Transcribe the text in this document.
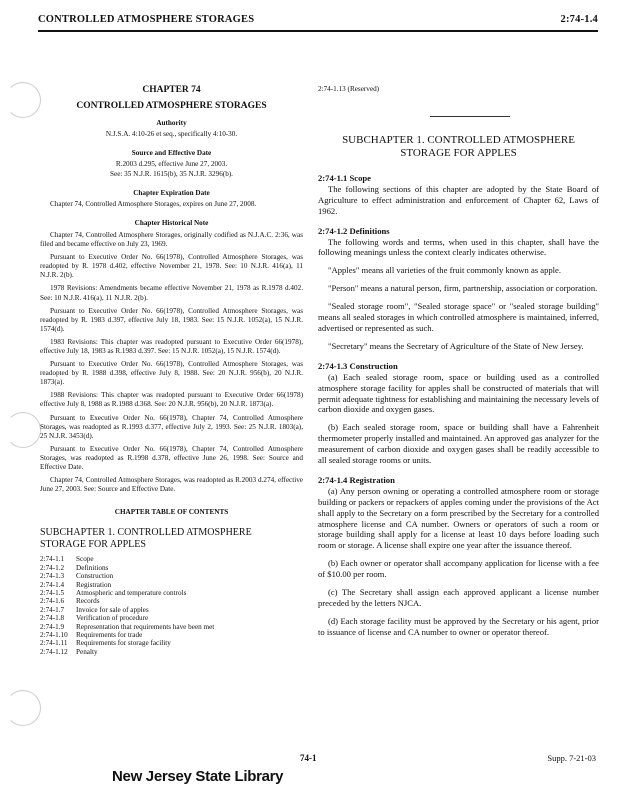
CONTROLLED ATMOSPHERE STORAGES	2:74-1.4
CHAPTER 74
CONTROLLED ATMOSPHERE STORAGES
Authority
N.J.S.A. 4:10-26 et seq., specifically 4:10-30.
Source and Effective Date
R.2003 d.295, effective June 27, 2003.
See: 35 N.J.R. 1615(b), 35 N.J.R. 3296(b).
Chapter Expiration Date
Chapter 74, Controlled Atmosphere Storages, expires on June 27, 2008.
Chapter Historical Note
Chapter 74, Controlled Atmosphere Storages, originally codified as N.J.A.C. 2:36, was filed and became effective on July 23, 1969.
Pursuant to Executive Order No. 66(1978), Controlled Atmosphere Storages, was readopted by R. 1978 d.402, effective November 21, 1978. See: 10 N.J.R. 416(a), 11 N.J.R. 2(b).
1978 Revisions: Amendments became effective November 21, 1978 as R.1978 d.402. See: 10 N.J.R. 416(a), 11 N.J.R. 2(b).
Pursuant to Executive Order No. 66(1978), Controlled Atmosphere Storages, was readopted by R. 1983 d.397, effective July 18, 1983. See: 15 N.J.R. 1052(a), 15 N.J.R. 1574(d).
1983 Revisions: This chapter was readopted pursuant to Executive Order 66(1978), effective July 18, 1983 as R.1983 d.397. See: 15 N.J.R. 1052(a), 15 N.J.R. 1574(d).
Pursuant to Executive Order No. 66(1978), Controlled Atmosphere Storages, was readopted by R. 1988 d.398, effective July 8, 1988. See: 20 N.J.R. 956(b), 20 N.J.R. 1873(a).
1988 Revisions: This chapter was readopted pursuant to Executive Order 66(1978) effective July 8, 1988 as R.1988 d.368. See: 20 N.J.R. 956(b), 20 N.J.R. 1873(a).
Pursuant to Executive Order No. 66(1978), Chapter 74, Controlled Atmosphere Storages, was readopted as R.1993 d.377, effective July 2, 1993. See: 25 N.J.R. 1803(a), 25 N.J.R. 3453(d).
Pursuant to Executive Order No. 66(1978), Chapter 74, Controlled Atmosphere Storages, was readopted as R.1998 d.378, effective June 26, 1998. See: Source and Effective Date.
Chapter 74, Controlled Atmosphere Storages, was readopted as R.2003 d.274, effective June 27, 2003. See: Source and Effective Date.
CHAPTER TABLE OF CONTENTS
SUBCHAPTER 1. CONTROLLED ATMOSPHERE STORAGE FOR APPLES
2:74-1.1	Scope
2:74-1.2	Definitions
2:74-1.3	Construction
2:74-1.4	Registration
2:74-1.5	Atmospheric and temperature controls
2:74-1.6	Records
2:74-1.7	Invoice for sale of apples
2:74-1.8	Verification of procedure
2:74-1.9	Representation that requirements have been met
2:74-1.10	Requirements for trade
2:74-1.11	Requirements for storage facility
2:74-1.12	Penalty
2:74-1.13 (Reserved)
SUBCHAPTER 1. CONTROLLED ATMOSPHERE STORAGE FOR APPLES
2:74-1.1 Scope
The following sections of this chapter are adopted by the State Board of Agriculture to effect administration and enforcement of Chapter 62, Laws of 1962.
2:74-1.2 Definitions
The following words and terms, when used in this chapter, shall have the following meanings unless the context clearly indicates otherwise.
"Apples" means all varieties of the fruit commonly known as apple.
"Person" means a natural person, firm, partnership, association or corporation.
"Sealed storage room", "Sealed storage space" or "sealed storage building" means all sealed storages in which controlled atmosphere is maintained, inferred, advertised or represented as such.
"Secretary" means the Secretary of Agriculture of the State of New Jersey.
2:74-1.3 Construction
(a) Each sealed storage room, space or building used as a controlled atmosphere storage facility for apples shall be constructed of materials that will permit adequate tightness for establishing and maintaining the necessary levels of carbon dioxide and oxygen gases.
(b) Each sealed storage room, space or building shall have a Fahrenheit thermometer properly installed and maintained. An approved gas analyzer for the measurement of carbon dioxide and oxygen gases shall be readily accessible to all sealed storage rooms or units.
2:74-1.4 Registration
(a) Any person owning or operating a controlled atmosphere room or storage building or packers or repackers of apples coming under the provisions of the Act shall apply to the Secretary on a form prescribed by the Secretary for a controlled atmosphere license and CA number. Owners or operators of such a room or storage building shall apply for a license at least 10 days before loading such room or storage. A license shall expire one year after the issuance thereof.
(b) Each owner or operator shall accompany application for license with a fee of $10.00 per room.
(c) The Secretary shall assign each approved applicant a license number preceded by the letters NJCA.
(d) Each storage facility must be approved by the Secretary or his agent, prior to issuance of license and CA number to owner or operator thereof.
74-1	Supp. 7-21-03
New Jersey State Library
